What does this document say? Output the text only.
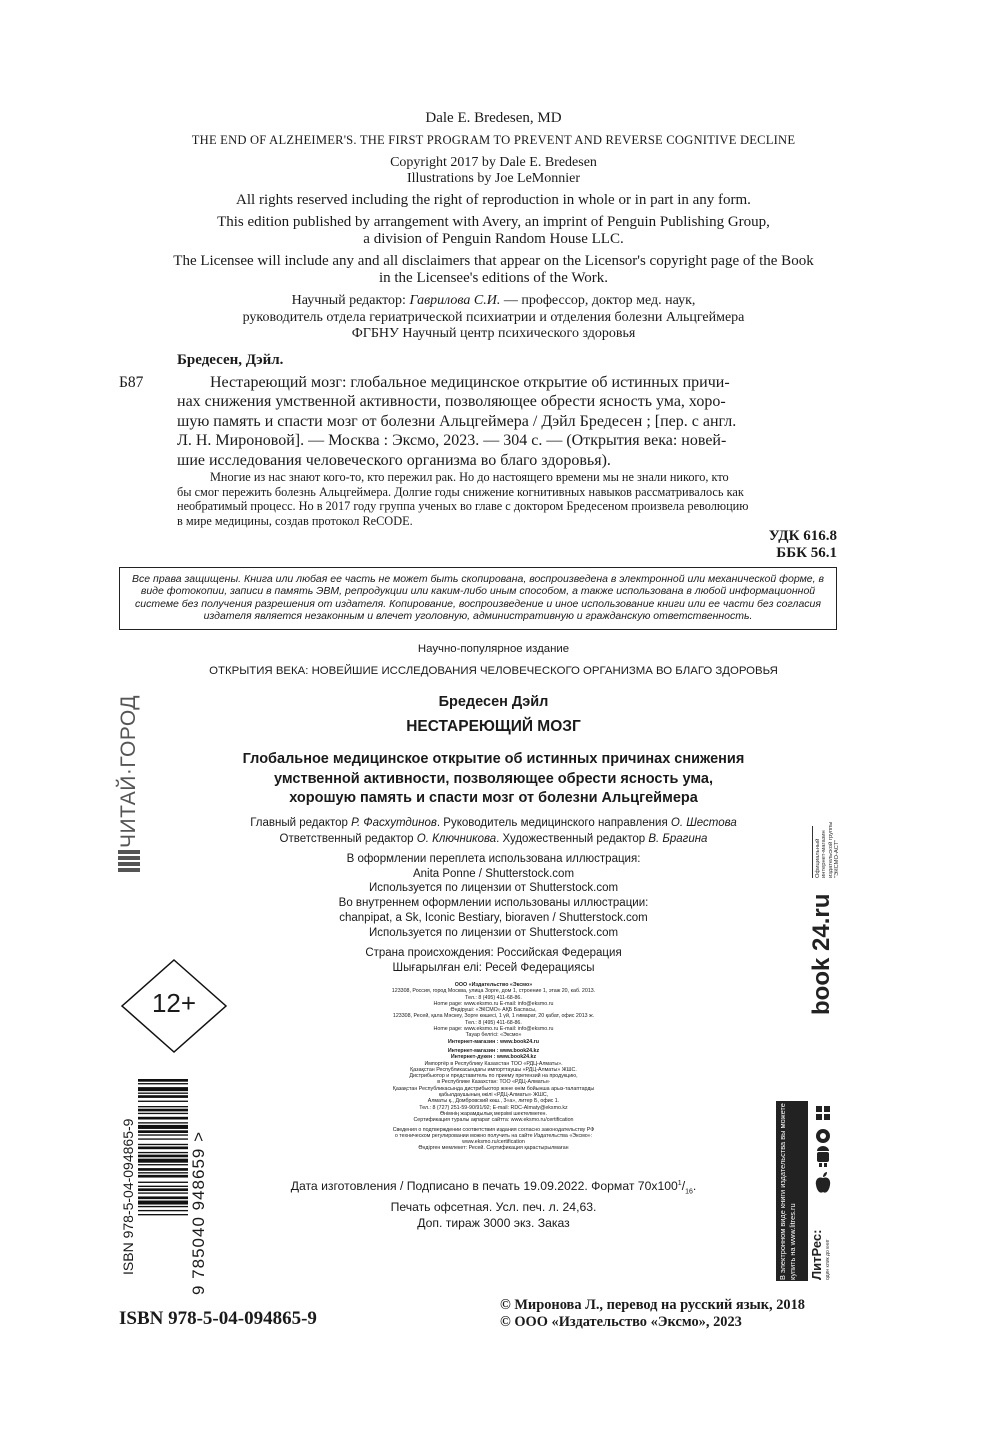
Dale E. Bredesen, MD
THE END OF ALZHEIMER'S. THE FIRST PROGRAM TO PREVENT AND REVERSE COGNITIVE DECLINE
Copyright 2017 by Dale E. Bredesen
Illustrations by Joe LeMonnier
All rights reserved including the right of reproduction in whole or in part in any form.
This edition published by arrangement with Avery, an imprint of Penguin Publishing Group,
a division of Penguin Random House LLC.
The Licensee will include any and all disclaimers that appear on the Licensor's copyright page of the Book
in the Licensee's editions of the Work.
Научный редактор: Гаврилова С.И. — профессор, доктор мед. наук,
руководитель отдела гериатрической психиатрии и отделения болезни Альцгеймера
ФГБНУ Научный центр психического здоровья
Бредесен, Дэйл.
Б87	Нестареющий мозг: глобальное медицинское открытие об истинных причи-
нах снижения умственной активности, позволяющее обрести ясность ума, хоро-
шую память и спасти мозг от болезни Альцгеймера / Дэйл Бредесен ; [пер. с англ.
Л. Н. Мироновой]. — Москва : Эксмо, 2023. — 304 с. — (Открытия века: новей-
шие исследования человеческого организма во благо здоровья).
Многие из нас знают кого-то, кто пережил рак. Но до настоящего времени мы не знали никого, кто
бы смог пережить болезнь Альцгеймера. Долгие годы снижение когнитивных навыков рассматривалось как
необратимый процесс. Но в 2017 году группа ученых во главе с доктором Бредесеном произвела революцию
в мире медицины, создав протокол ReCODE.
УДК 616.8
ББК 56.1
Все права защищены. Книга или любая ее часть не может быть скопирована, воспроизведена в электронной или механической форме, в виде фотокопии, записи в память ЭВМ, репродукции или каким-либо иным способом, а также использована в любой информационной системе без получения разрешения от издателя. Копирование, воспроизведение и иное использование книги или ее части без согласия издателя является незаконным и влечет уголовную, административную и гражданскую ответственность.
Научно-популярное издание
ОТКРЫТИЯ ВЕКА: НОВЕЙШИЕ ИССЛЕДОВАНИЯ ЧЕЛОВЕЧЕСКОГО ОРГАНИЗМА ВО БЛАГО ЗДОРОВЬЯ
Бредесен Дэйл
НЕСТАРЕЮЩИЙ МОЗГ
Глобальное медицинское открытие об истинных причинах снижения
умственной активности, позволяющее обрести ясность ума,
хорошую память и спасти мозг от болезни Альцгеймера
Главный редактор Р. Фасхутдинов. Руководитель медицинского направления О. Шестова
Ответственный редактор О. Ключникова. Художественный редактор В. Брагина
В оформлении переплета использована иллюстрация:
Anita Ponne / Shutterstock.com
Используется по лицензии от Shutterstock.com
Во внутреннем оформлении использованы иллюстрации:
chanpipat, a Sk, Iconic Bestiary, bioraven / Shutterstock.com
Используется по лицензии от Shutterstock.com
Страна происхождения: Российская Федерация
Шығарылған елі: Ресей Федерациясы
ООО «Издательство «Эксмо»
123308, Россия, город Москва, улица Зорге, дом 1, строение 1, этаж 20, каб. 2013.
Тел.: 8 (495) 411-68-86.
Home page: www.eksmo.ru E-mail: info@eksmo.ru
Өндіруші: «ЭКСМО» АҚБ Баспасы,
123308, Ресей, қала Мәскеу, Зорге көшесі, 1 үй, 1 ғимарат, 20 қабат, офис 2013 ж.
Тел.: 8 (495) 411-68-86.
Home page: www.eksmo.ru E-mail: info@eksmo.ru
Тауар белгісі: «Эксмо»
Интернет-магазин : www.book24.ru
Интернет-магазин : www.book24.kz
Интернет-дүкен : www.book24.kz
Импортёр в Республику Казахстан ТОО «РДЦ-Алматы».
Қазақстан Республикасындағы импорттаушы «РДЦ-Алматы» ЖШС.
Дистрибьютор и представитель по приему претензий на продукцию,
в Республике Казахстан: ТОО «РДЦ-Алматы»
Қазақстан Республикасында дистрибьютор және өнім бойынша арыз-талаптарды
қабылдаушының өкілі «РДЦ-Алматы» ЖШС,
Алматы қ., Домбровский көш., 3«а», литер Б, офис 1.
Тел.: 8 (727) 251-59-90/91/92; E-mail: RDC-Almaty@eksmo.kz
Өнімнің жарамдылық мерзімі шектелмеген.
Сертификация туралы ақпарат сайтта: www.eksmo.ru/certification
Сведения о подтверждении соответствия издания согласно законодательству РФ
о техническом регулировании можно получить на сайте Издательства «Эксмо»:
www.eksmo.ru/certification
Өндірген мемлекет: Ресей. Сертификация қарастырылмаған
Дата изготовления / Подписано в печать 19.09.2022. Формат $70x100^1/_{16}$.
Печать офсетная. Усл. печ. л. 24,63.
Доп. тираж 3000 экз. Заказ
ЧИТАЙ·ГОРОД
12+
ISBN 978-5-04-094865-9	9 785040 948659 >
book 24.ru
Официальный интернет-магазин издательской группы "ЭКСМО-АСТ"
В электронном виде книги издательства вы можете купить на www.litres.ru ЛитРес: один клик до книг
ISBN 978-5-04-094865-9
© Миронова Л., перевод на русский язык, 2018
© ООО «Издательство «Эксмо», 2023
